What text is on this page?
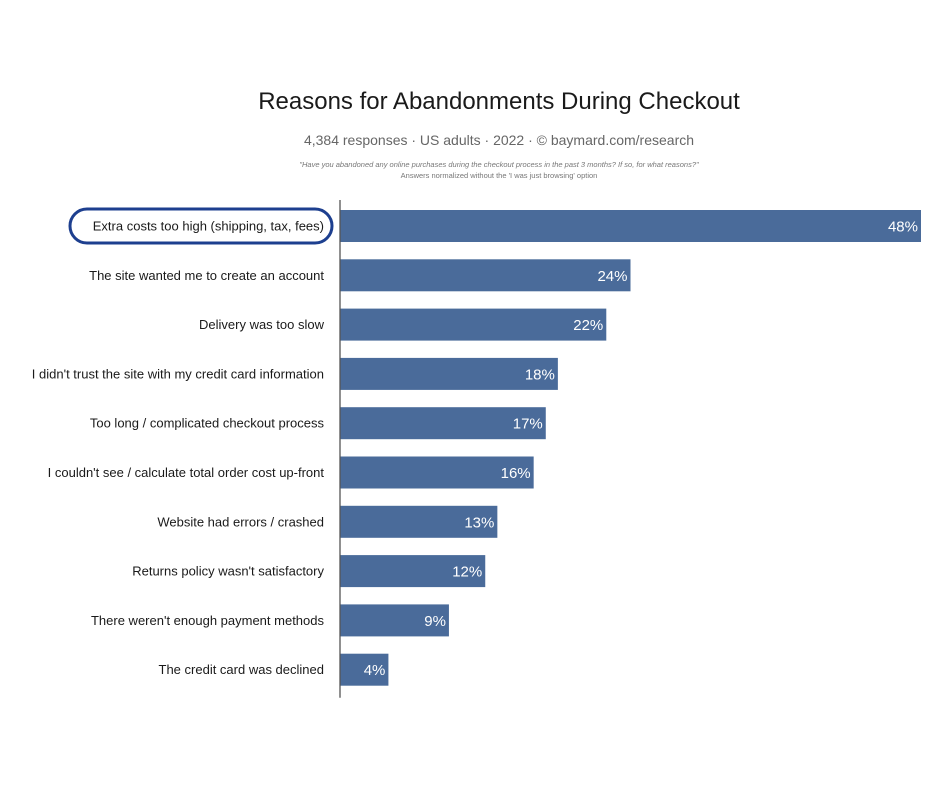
Reasons for Abandonments During Checkout
4,384 responses · US adults · 2022 · © baymard.com/research
"Have you abandoned any online purchases during the checkout process in the past 3 months? If so, for what reasons?"
Answers normalized without the 'I was just browsing' option
Extra costs too high (shipping, tax, fees)	48%
The site wanted me to create an account	24%
Delivery was too slow	22%
I didn't trust the site with my credit card information	18%
Too long / complicated checkout process	17%
I couldn't see / calculate total order cost up-front	16%
Website had errors / crashed	13%
Returns policy wasn't satisfactory	12%
There weren't enough payment methods	9%
The credit card was declined	4%
